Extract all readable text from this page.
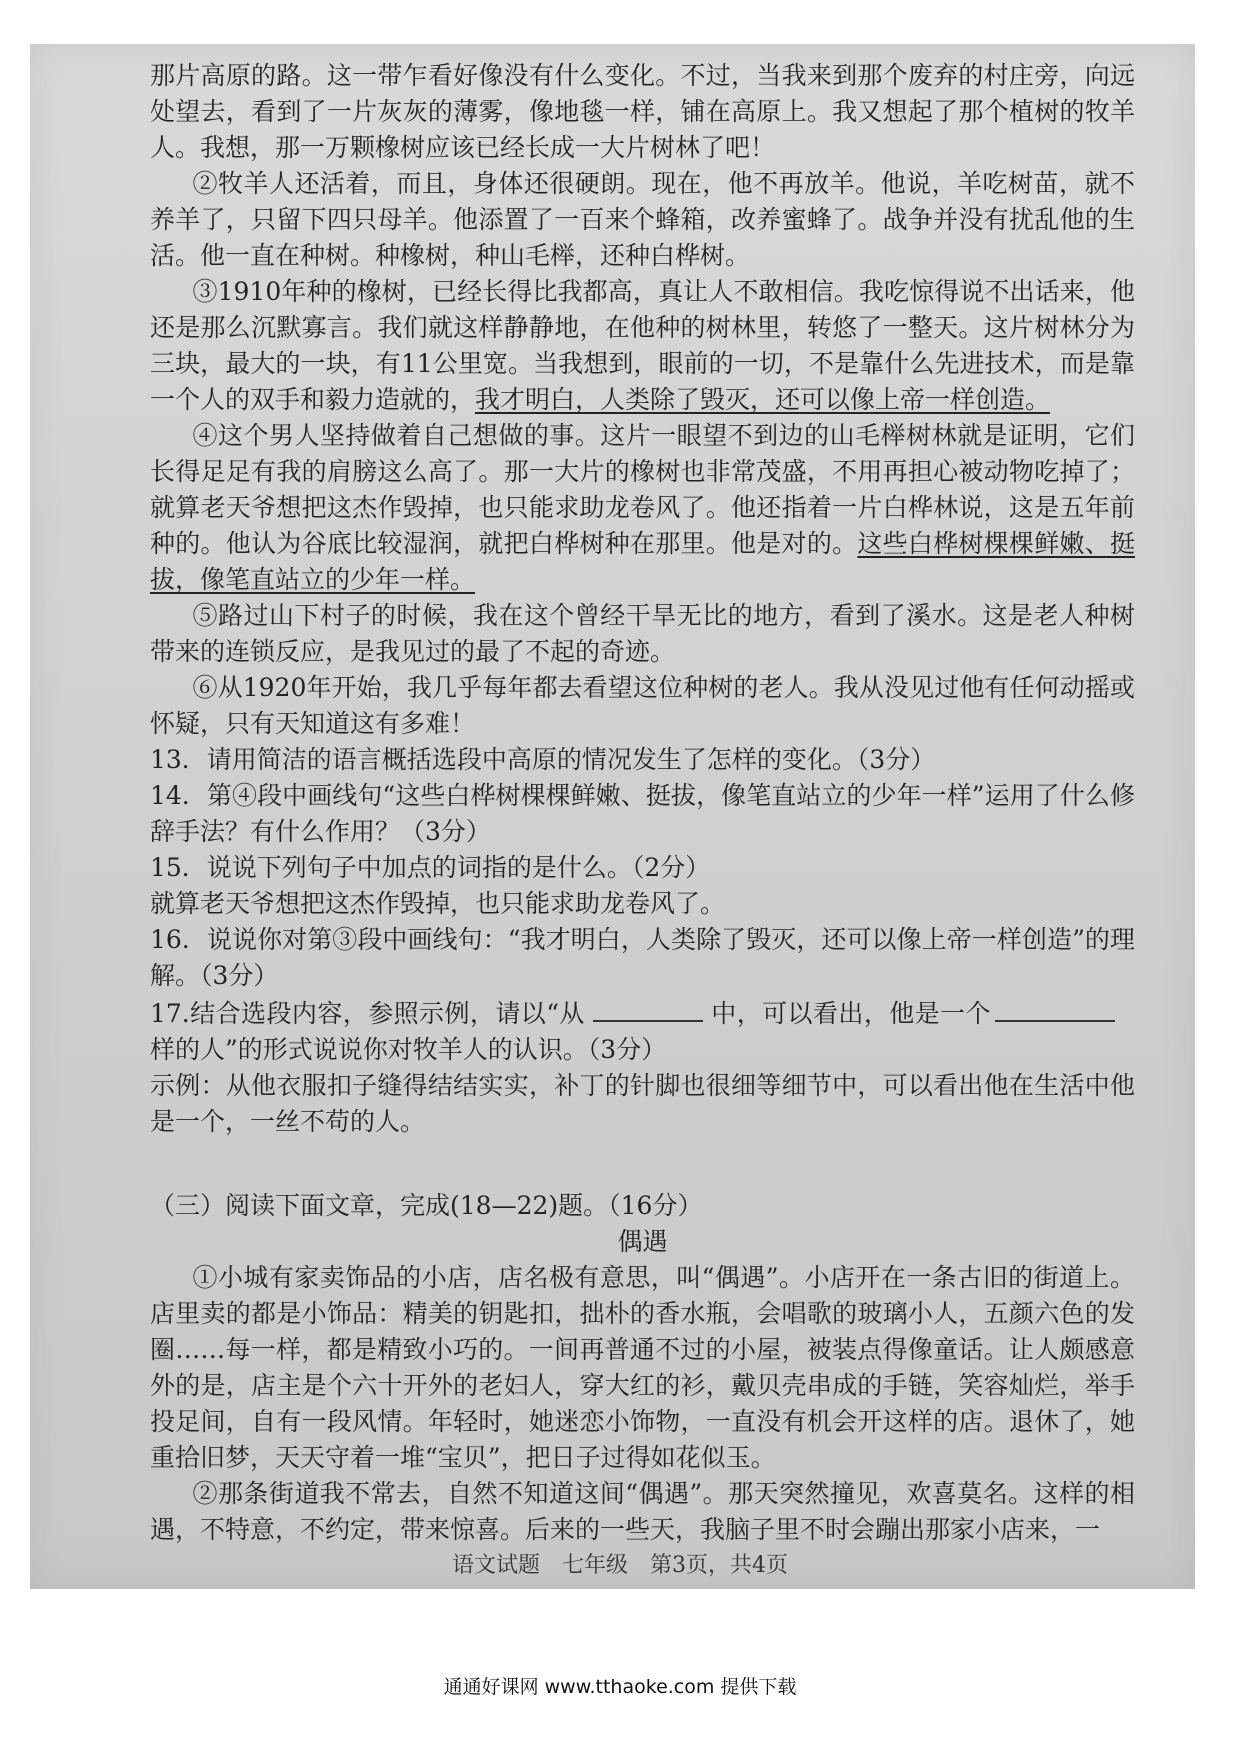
那片高原的路。这一带乍看好像没有什么变化。不过，当我来到那个废弃的村庄旁，向远处望去，看到了一片灰灰的薄雾，像地毯一样，铺在高原上。我又想起了那个植树的牧羊人。我想，那一万颗橡树应该已经长成一大片树林了吧！

②牧羊人还活着，而且，身体还很硬朗。现在，他不再放羊。他说，羊吃树苗，就不养羊了，只留下四只母羊。他添置了一百来个蜂箱，改养蜜蜂了。战争并没有扰乱他的生活。他一直在种树。种橡树，种山毛榉，还种白桦树。

③1910年种的橡树，已经长得比我都高，真让人不敢相信。我吃惊得说不出话来，他还是那么沉默寡言。我们就这样静静地，在他种的树林里，转悠了一整天。这片树林分为三块，最大的一块，有11公里宽。当我想到，眼前的一切，不是靠什么先进技术，而是靠一个人的双手和毅力造就的，我才明白，人类除了毁灭，还可以像上帝一样创造。

④这个男人坚持做着自己想做的事。这片一眼望不到边的山毛榉树林就是证明，它们长得足足有我的肩膀这么高了。那一大片的橡树也非常茂盛，不用再担心被动物吃掉了；就算老天爷想把这杰作毁掉，也只能求助龙卷风了。他还指着一片白桦林说，这是五年前种的。他认为谷底比较湿润，就把白桦树种在那里。他是对的。这些白桦树棵棵鲜嫩、挺拔，像笔直站立的少年一样。

⑤路过山下村子的时候，我在这个曾经干旱无比的地方，看到了溪水。这是老人种树带来的连锁反应，是我见过的最了不起的奇迹。

⑥从1920年开始，我几乎每年都去看望这位种树的老人。我从没见过他有任何动摇或怀疑，只有天知道这有多难！

13．请用简洁的语言概括选段中高原的情况发生了怎样的变化。（3分）

14．第④段中画线句“这些白桦树棵棵鲜嫩、挺拔，像笔直站立的少年一样”运用了什么修辞手法？有什么作用？（3分）

15．说说下列句子中加点的词指的是什么。（2分）

就算老天爷想把这杰作毁掉，也只能求助龙卷风了。

16．说说你对第③段中画线句：“我才明白，人类除了毁灭，还可以像上帝一样创造”的理解。（3分）

17.结合选段内容，参照示例，请以“从	中，可以看出，他是一个样的人”的形式说说你对牧羊人的认识。（3分）

示例：从他衣服扣子缝得结结实实，补丁的针脚也很细等细节中，可以看出他在生活中他是一个，一丝不苟的人。

（三）阅读下面文章，完成(18—22)题。（16分）

偶遇

①小城有家卖饰品的小店，店名极有意思，叫“偶遇”。小店开在一条古旧的街道上。店里卖的都是小饰品：精美的钥匙扣，拙朴的香水瓶，会唱歌的玻璃小人，五颜六色的发圈……每一样，都是精致小巧的。一间再普通不过的小屋，被装点得像童话。让人颇感意外的是，店主是个六十开外的老妇人，穿大红的衫，戴贝壳串成的手链，笑容灿烂，举手投足间，自有一段风情。年轻时，她迷恋小饰物，一直没有机会开这样的店。退休了，她重拾旧梦，天天守着一堆“宝贝”，把日子过得如花似玉。

②那条街道我不常去，自然不知道这间“偶遇”。那天突然撞见，欢喜莫名。这样的相遇，不特意，不约定，带来惊喜。后来的一些天，我脑子里不时会蹦出那家小店来，一

语文试题　七年级　第3页，共4页
通通好课网 www.tthaoke.com 提供下载
